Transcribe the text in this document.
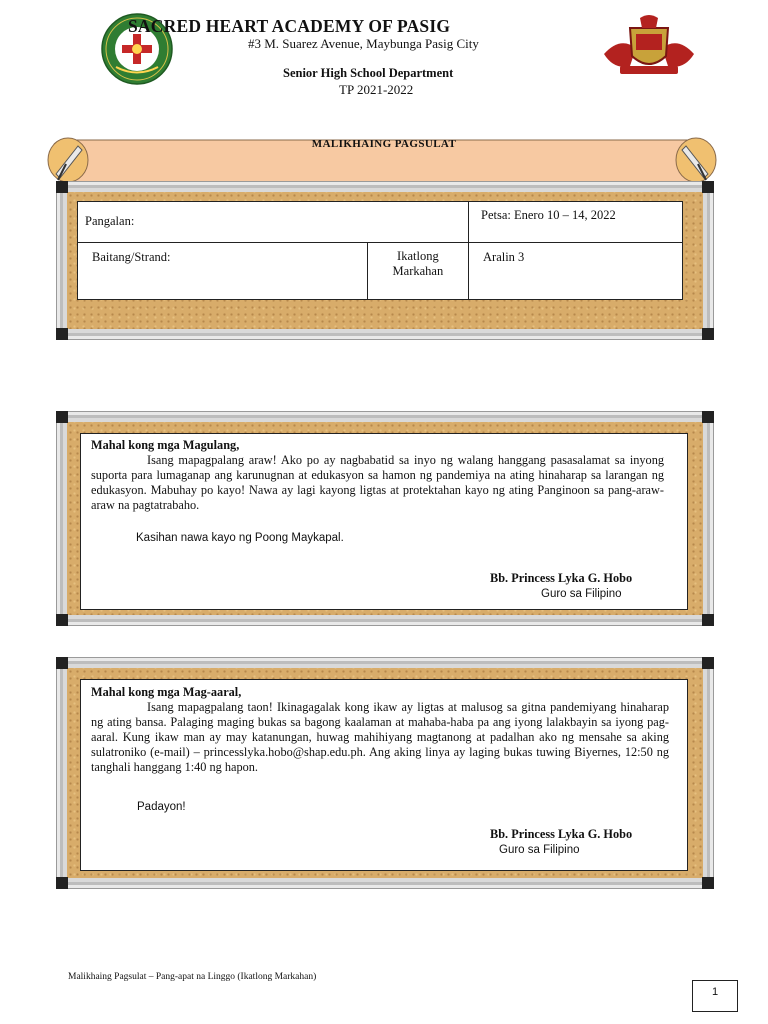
SACRED HEART ACADEMY OF PASIG
#3 M. Suarez Avenue, Maybunga Pasig City
Senior High School Department
TP 2021-2022
MALIKHAING PAGSULAT
Pangalan:		Petsa: Enero 10 – 14, 2022

Baitang/Strand:	Ikatlong Markahan	Aralin 3

Mahal kong mga Magulang,

Isang mapagpalang araw! Ako po ay nagbabatid sa inyo ng walang hanggang pasasalamat sa inyong suporta para lumaganap ang karunugnan at edukasyon sa hamon ng pandemiya na ating hinaharap sa larangan ng edukasyon. Mabuhay po kayo! Nawa ay lagi kayong ligtas at protektahan kayo ng ating Panginoon sa pang-araw-araw na pagtatrabaho.

Kasihan nawa kayo ng Poong Maykapal.
Bb. Princess Lyka G. Hobo
Guro sa Filipino

Mahal kong mga Mag-aaral,

Isang mapagpalang taon! Ikinagagalak kong ikaw ay ligtas at malusog sa gitna pandemiyang hinaharap ng ating bansa. Palaging maging bukas sa bagong kaalaman at mahaba-haba pa ang iyong lalakbayin sa iyong pag-aaral. Kung ikaw man ay may katanungan, huwag mahihiyang magtanong at padalhan ako ng mensahe sa aking sulatroniko (e-mail) – princesslyka.hobo@shap.edu.ph. Ang aking linya ay laging bukas tuwing Biyernes, 12:50 ng tanghali hanggang 1:40 ng hapon.

Padayon!
Bb. Princess Lyka G. Hobo
Guro sa Filipino
Malikhaing Pagsulat – Pang-apat na Linggo (Ikatlong Markahan)
1
